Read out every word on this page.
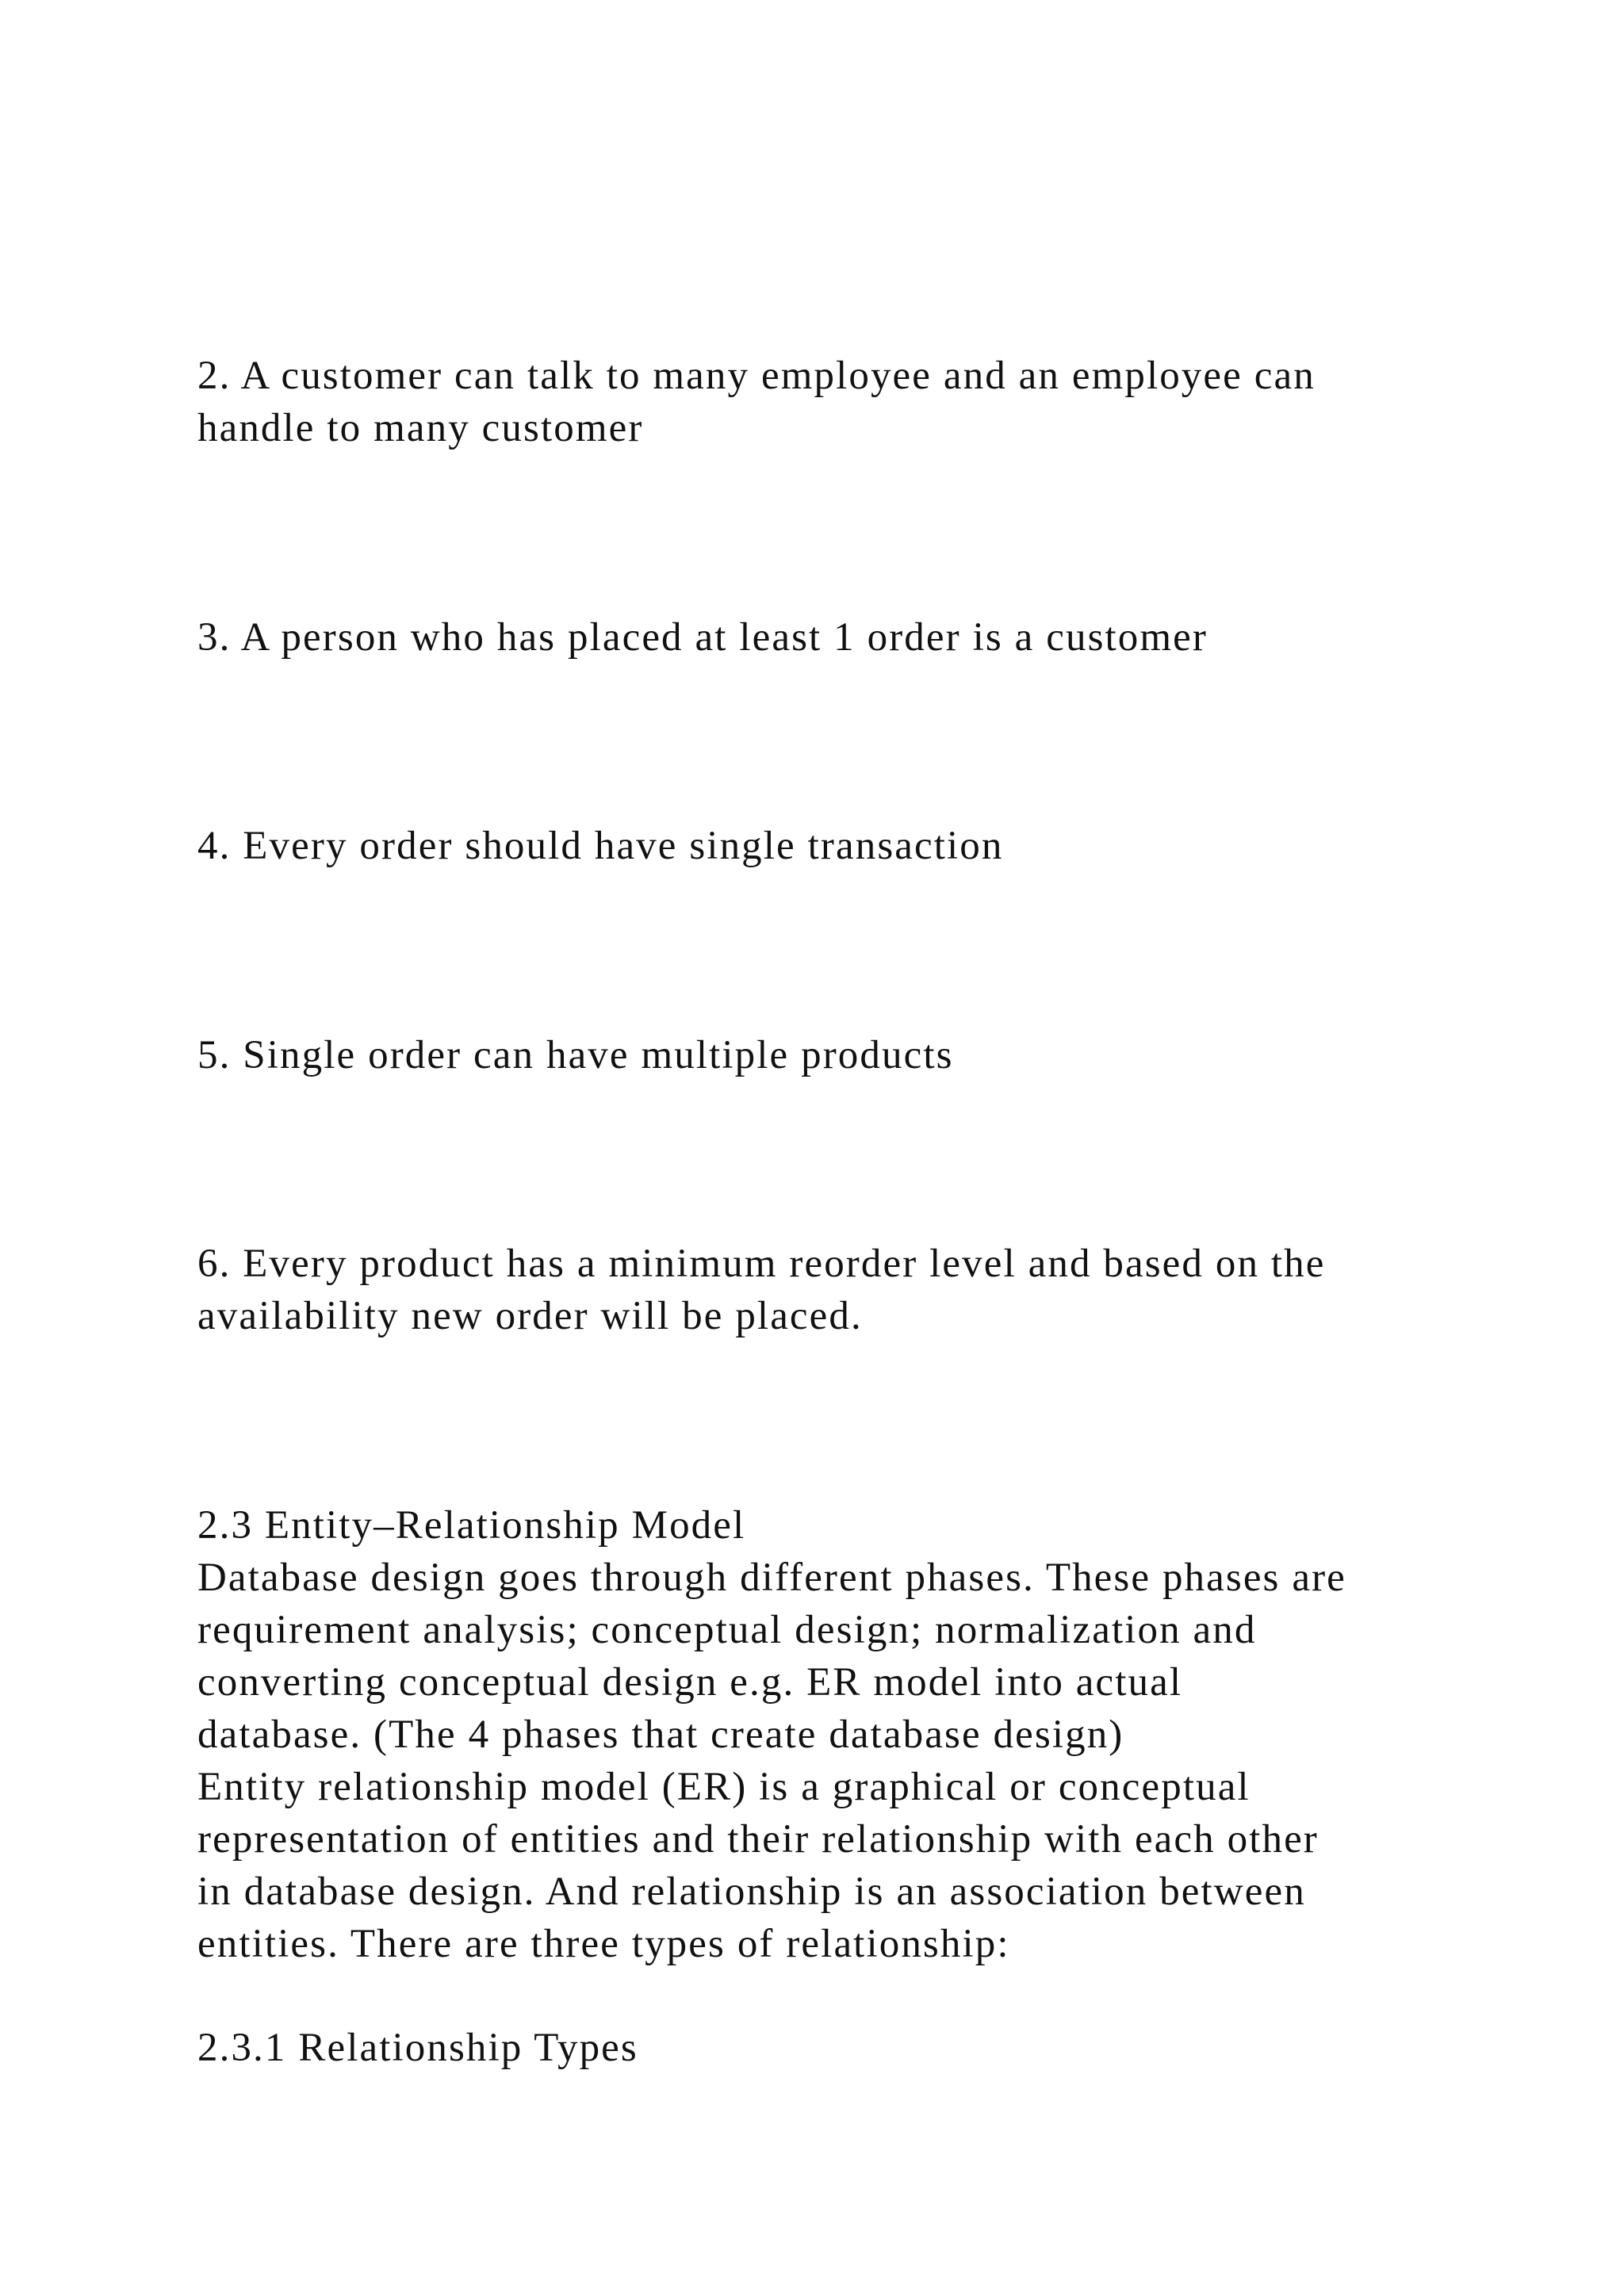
2. A customer can talk to many employee and an employee can
handle to many customer

3. A person who has placed at least 1 order is a customer

4. Every order should have single transaction

5. Single order can have multiple products

6. Every product has a minimum reorder level and based on the
availability new order will be placed.

2.3 Entity–Relationship Model
Database design goes through different phases. These phases are
requirement analysis; conceptual design; normalization and
converting conceptual design e.g. ER model into actual
database. (The 4 phases that create database design)
Entity relationship model (ER) is a graphical or conceptual
representation of entities and their relationship with each other
in database design. And relationship is an association between
entities. There are three types of relationship:

2.3.1 Relationship Types
